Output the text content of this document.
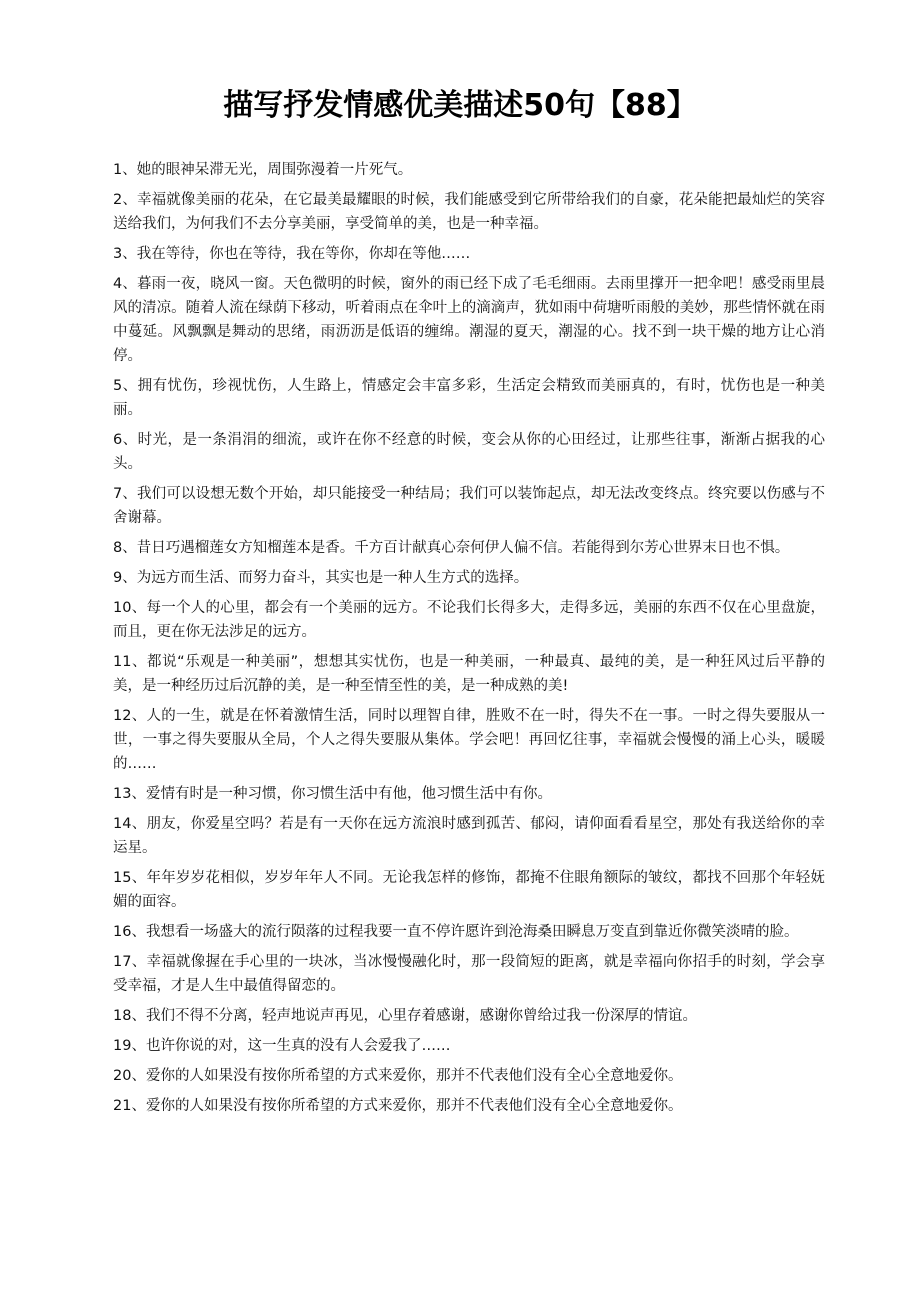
描写抒发情感优美描述50句【88】

1、她的眼神呆滞无光，周围弥漫着一片死气。

2、幸福就像美丽的花朵，在它最美最耀眼的时候，我们能感受到它所带给我们的自豪，花朵能把最灿烂的笑容送给我们，为何我们不去分享美丽，享受简单的美，也是一种幸福。

3、我在等待，你也在等待，我在等你，你却在等他……

4、暮雨一夜，晓风一窗。天色微明的时候，窗外的雨已经下成了毛毛细雨。去雨里撑开一把伞吧！感受雨里晨风的清凉。随着人流在绿荫下移动，听着雨点在伞叶上的滴滴声，犹如雨中荷塘听雨般的美妙，那些情怀就在雨中蔓延。风飘飘是舞动的思绪，雨沥沥是低语的缠绵。潮湿的夏天，潮湿的心。找不到一块干燥的地方让心消停。

5、拥有忧伤，珍视忧伤，人生路上，情感定会丰富多彩，生活定会精致而美丽真的，有时，忧伤也是一种美丽。

6、时光，是一条涓涓的细流，或许在你不经意的时候，变会从你的心田经过，让那些往事，渐渐占据我的心头。

7、我们可以设想无数个开始，却只能接受一种结局；我们可以装饰起点，却无法改变终点。终究要以伤感与不舍谢幕。

8、昔日巧遇榴莲女方知榴莲本是香。千方百计献真心奈何伊人偏不信。若能得到尔芳心世界末日也不惧。

9、为远方而生活、而努力奋斗，其实也是一种人生方式的选择。

10、每一个人的心里，都会有一个美丽的远方。不论我们长得多大，走得多远，美丽的东西不仅在心里盘旋，而且，更在你无法涉足的远方。

11、都说“乐观是一种美丽”，想想其实忧伤，也是一种美丽，一种最真、最纯的美，是一种狂风过后平静的美，是一种经历过后沉静的美，是一种至情至性的美，是一种成熟的美!

12、人的一生，就是在怀着激情生活，同时以理智自律，胜败不在一时，得失不在一事。一时之得失要服从一世，一事之得失要服从全局，个人之得失要服从集体。学会吧！再回忆往事，幸福就会慢慢的涌上心头，暖暖的……

13、爱情有时是一种习惯，你习惯生活中有他，他习惯生活中有你。

14、朋友，你爱星空吗？若是有一天你在远方流浪时感到孤苦、郁闷，请仰面看看星空，那处有我送给你的幸运星。

15、年年岁岁花相似，岁岁年年人不同。无论我怎样的修饰，都掩不住眼角额际的皱纹，都找不回那个年轻妩媚的面容。

16、我想看一场盛大的流行陨落的过程我要一直不停许愿许到沧海桑田瞬息万变直到靠近你微笑淡晴的脸。

17、幸福就像握在手心里的一块冰，当冰慢慢融化时，那一段简短的距离，就是幸福向你招手的时刻，学会享受幸福，才是人生中最值得留恋的。

18、我们不得不分离，轻声地说声再见，心里存着感谢，感谢你曾给过我一份深厚的情谊。

19、也许你说的对，这一生真的没有人会爱我了……

20、爱你的人如果没有按你所希望的方式来爱你，那并不代表他们没有全心全意地爱你。

21、爱你的人如果没有按你所希望的方式来爱你，那并不代表他们没有全心全意地爱你。
